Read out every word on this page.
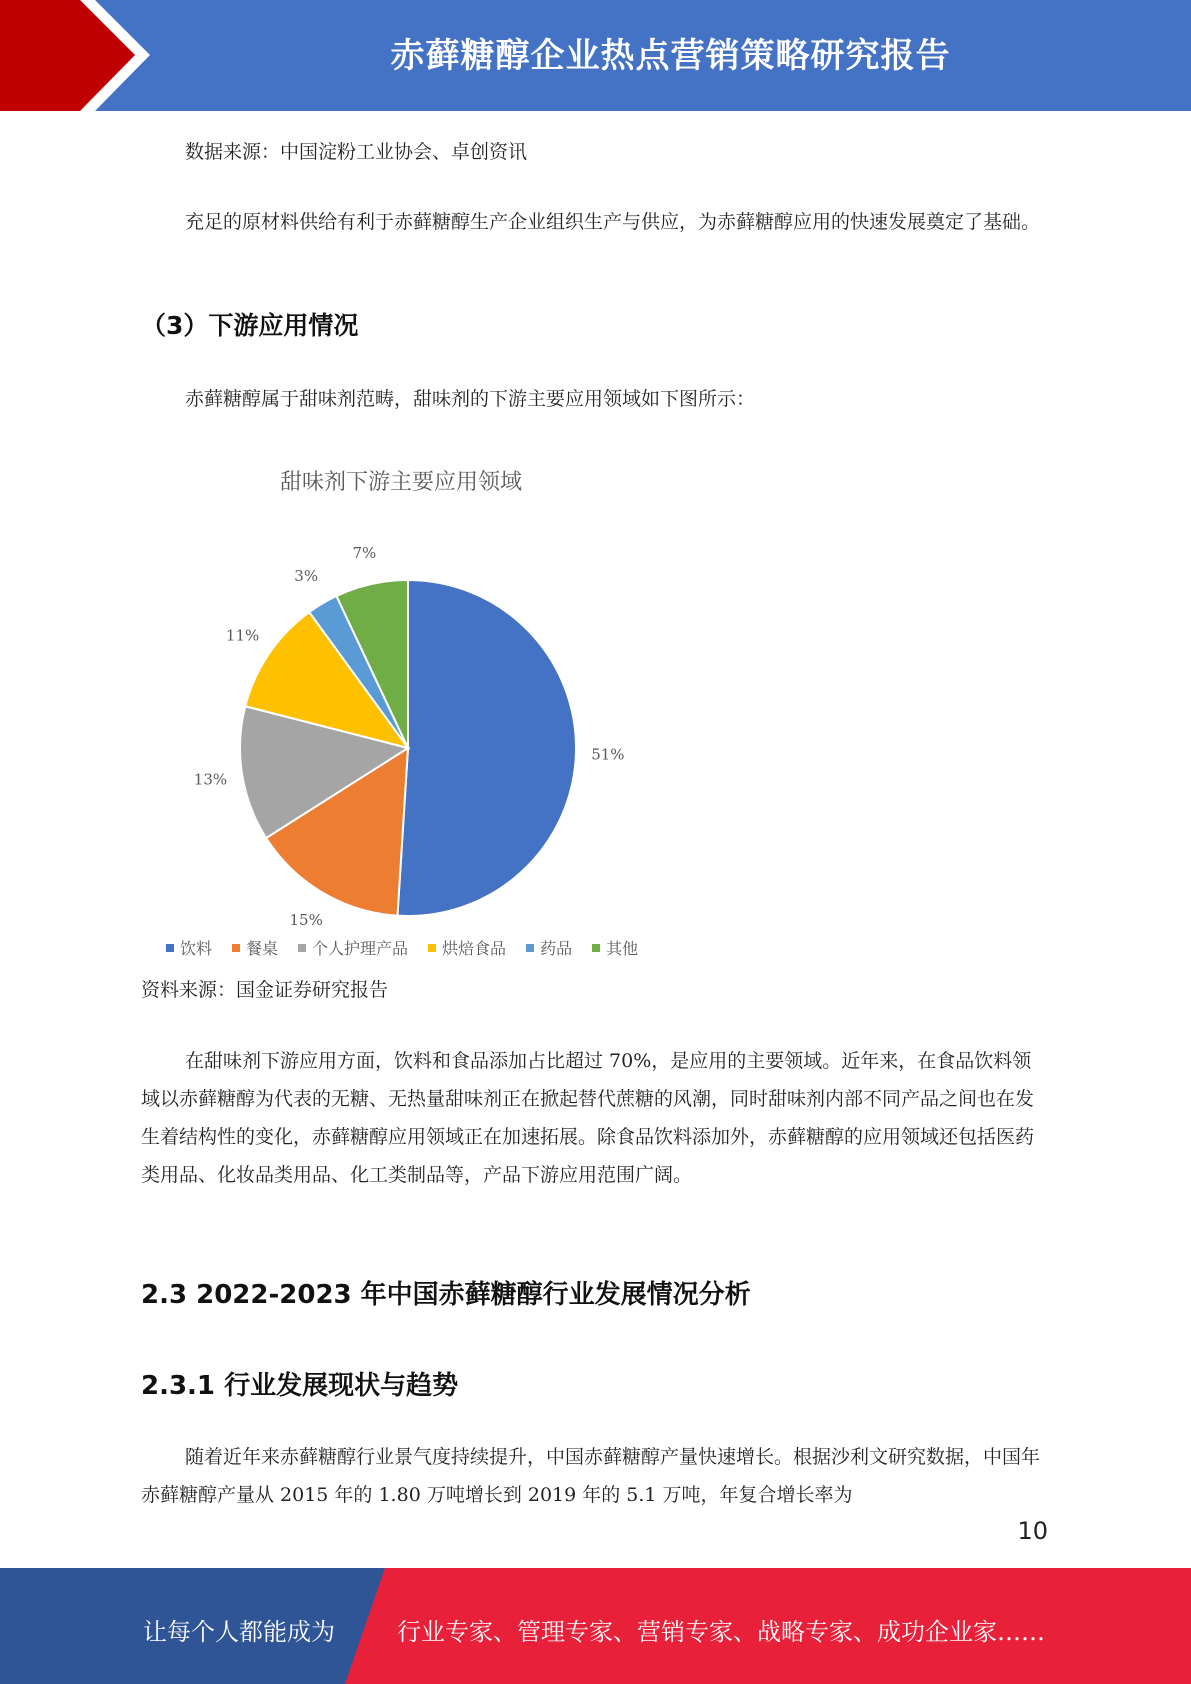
赤藓糖醇企业热点营销策略研究报告

数据来源：中国淀粉工业协会、卓创资讯

充足的原材料供给有利于赤藓糖醇生产企业组织生产与供应，为赤藓糖醇应用的快速发展奠定了基础。

（3）下游应用情况

赤藓糖醇属于甜味剂范畴，甜味剂的下游主要应用领域如下图所示：

甜味剂下游主要应用领域
51%
15%
13%
11%
3%
7%
饮料 餐桌 个人护理产品 烘焙食品 药品 其他

资料来源：国金证券研究报告

在甜味剂下游应用方面，饮料和食品添加占比超过 70%，是应用的主要领域。近年来，在食品饮料领域以赤藓糖醇为代表的无糖、无热量甜味剂正在掀起替代蔗糖的风潮，同时甜味剂内部不同产品之间也在发生着结构性的变化，赤藓糖醇应用领域正在加速拓展。除食品饮料添加外，赤藓糖醇的应用领域还包括医药类用品、化妆品类用品、化工类制品等，产品下游应用范围广阔。

2.3 2022-2023 年中国赤藓糖醇行业发展情况分析
2.3.1 行业发展现状与趋势

随着近年来赤藓糖醇行业景气度持续提升，中国赤藓糖醇产量快速增长。根据沙利文研究数据，中国年赤藓糖醇产量从 2015 年的 1.80 万吨增长到 2019 年的 5.1 万吨，年复合增长率为

10
让每个人都能成为	行业专家、管理专家、营销专家、战略专家、成功企业家……
